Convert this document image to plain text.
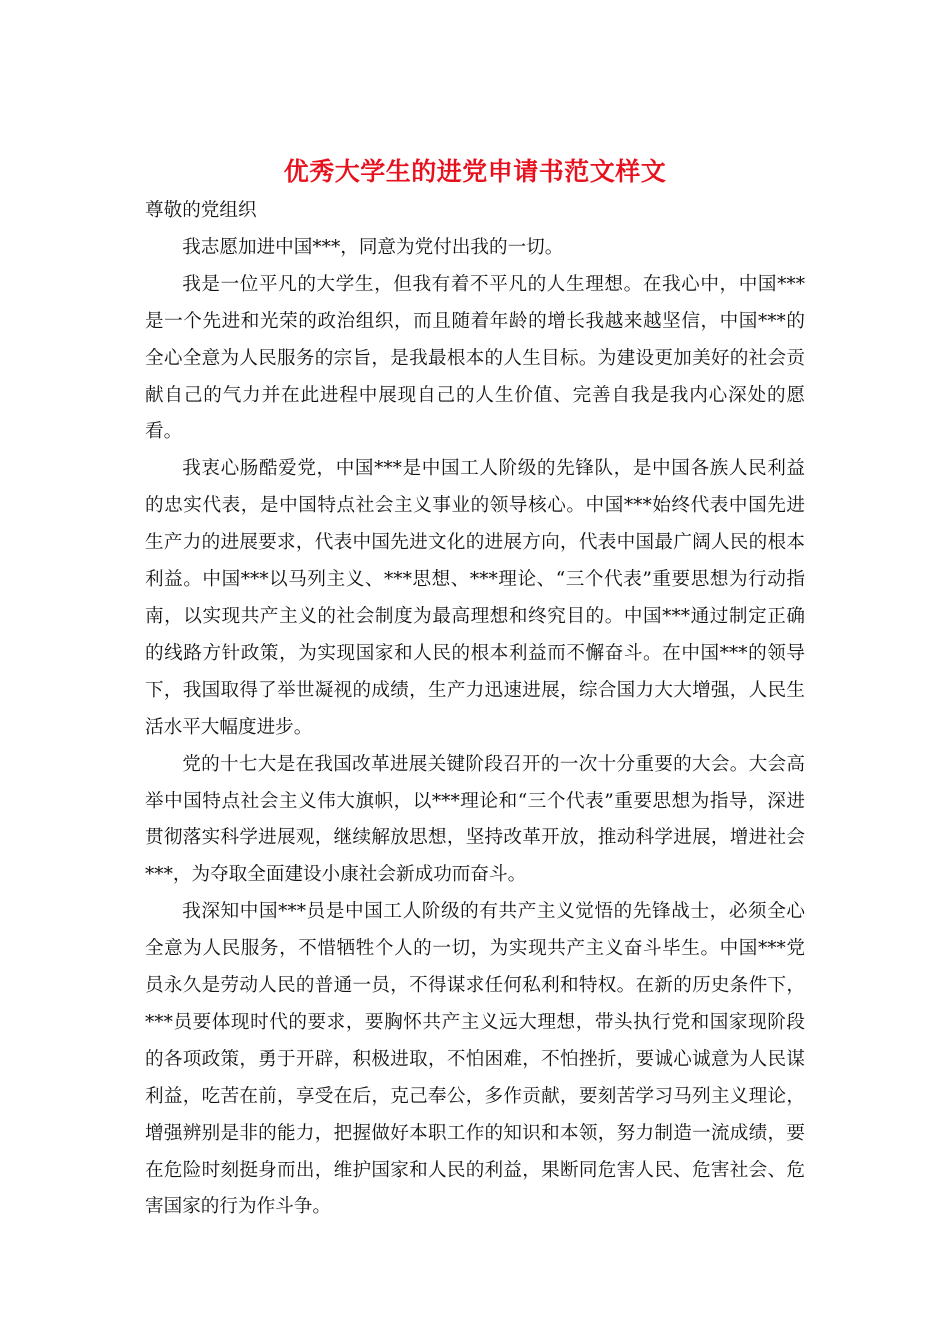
优秀大学生的进党申请书范文样文

尊敬的党组织

我志愿加进中国***，同意为党付出我的一切。

我是一位平凡的大学生，但我有着不平凡的人生理想。在我心中，中国***是一个先进和光荣的政治组织，而且随着年龄的增长我越来越坚信，中国***的全心全意为人民服务的宗旨，是我最根本的人生目标。为建设更加美好的社会贡献自己的气力并在此进程中展现自己的人生价值、完善自我是我内心深处的愿看。

我衷心肠酷爱党，中国***是中国工人阶级的先锋队，是中国各族人民利益的忠实代表，是中国特点社会主义事业的领导核心。中国***始终代表中国先进生产力的进展要求，代表中国先进文化的进展方向，代表中国最广阔人民的根本利益。中国***以马列主义、***思想、***理论、“三个代表”重要思想为行动指南，以实现共产主义的社会制度为最高理想和终究目的。中国***通过制定正确的线路方针政策，为实现国家和人民的根本利益而不懈奋斗。在中国***的领导下，我国取得了举世凝视的成绩，生产力迅速进展，综合国力大大增强，人民生活水平大幅度进步。

党的十七大是在我国改革进展关键阶段召开的一次十分重要的大会。大会高举中国特点社会主义伟大旗帜，以***理论和“三个代表”重要思想为指导，深进贯彻落实科学进展观，继续解放思想，坚持改革开放，推动科学进展，增进社会***，为夺取全面建设小康社会新成功而奋斗。

我深知中国***员是中国工人阶级的有共产主义觉悟的先锋战士，必须全心全意为人民服务，不惜牺牲个人的一切，为实现共产主义奋斗毕生。中国***党员永久是劳动人民的普通一员，不得谋求任何私利和特权。在新的历史条件下，***员要体现时代的要求，要胸怀共产主义远大理想，带头执行党和国家现阶段的各项政策，勇于开辟，积极进取，不怕困难，不怕挫折，要诚心诚意为人民谋利益，吃苦在前，享受在后，克己奉公，多作贡献，要刻苦学习马列主义理论，增强辨别是非的能力，把握做好本职工作的知识和本领，努力制造一流成绩，要在危险时刻挺身而出，维护国家和人民的利益，果断同危害人民、危害社会、危害国家的行为作斗争。
